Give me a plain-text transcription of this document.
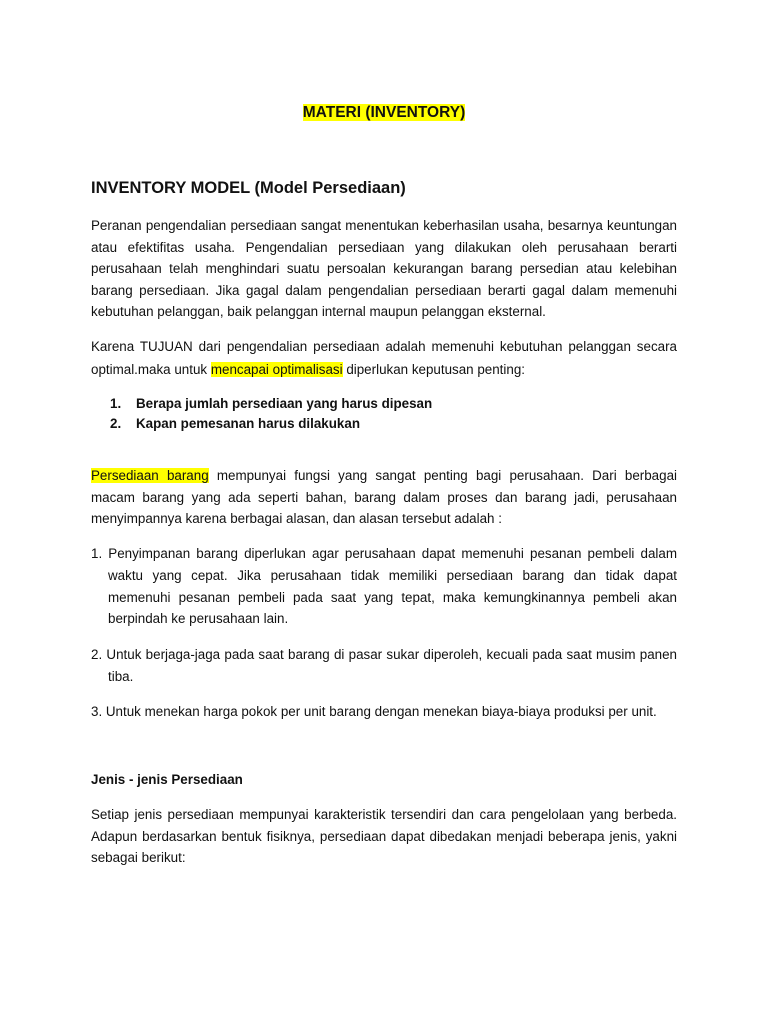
MATERI (INVENTORY)
INVENTORY MODEL (Model Persediaan)
Peranan pengendalian persediaan sangat menentukan keberhasilan usaha, besarnya keuntungan atau efektifitas usaha. Pengendalian persediaan yang dilakukan oleh perusahaan berarti perusahaan telah menghindari suatu persoalan kekurangan barang persedian atau kelebihan barang persediaan. Jika gagal dalam pengendalian persediaan berarti gagal dalam memenuhi kebutuhan pelanggan, baik pelanggan internal maupun pelanggan eksternal.
Karena TUJUAN dari pengendalian persediaan adalah memenuhi kebutuhan pelanggan secara optimal.maka untuk mencapai optimalisasi diperlukan keputusan penting:
1. Berapa jumlah persediaan yang harus dipesan
2. Kapan pemesanan harus dilakukan
Persediaan barang mempunyai fungsi yang sangat penting bagi perusahaan. Dari berbagai macam barang yang ada seperti bahan, barang dalam proses dan barang jadi, perusahaan menyimpannya karena berbagai alasan, dan alasan tersebut adalah :
1. Penyimpanan barang diperlukan agar perusahaan dapat memenuhi pesanan pembeli dalam waktu yang cepat. Jika perusahaan tidak memiliki persediaan barang dan tidak dapat memenuhi pesanan pembeli pada saat yang tepat, maka kemungkinannya pembeli akan berpindah ke perusahaan lain.
2. Untuk berjaga-jaga pada saat barang di pasar sukar diperoleh, kecuali pada saat musim panen tiba.
3. Untuk menekan harga pokok per unit barang dengan menekan biaya-biaya produksi per unit.
Jenis - jenis Persediaan
Setiap jenis persediaan mempunyai karakteristik tersendiri dan cara pengelolaan yang berbeda. Adapun berdasarkan bentuk fisiknya, persediaan dapat dibedakan menjadi beberapa jenis, yakni sebagai berikut:
